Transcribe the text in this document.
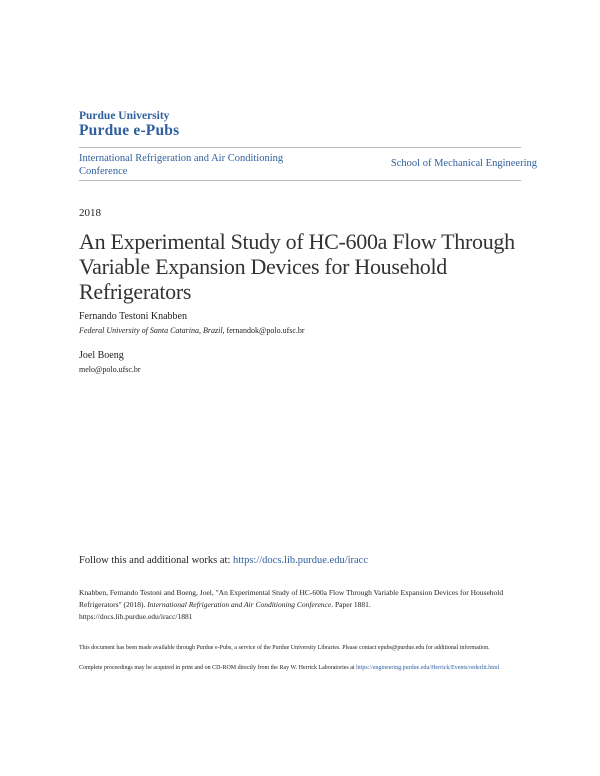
Purdue University
Purdue e-Pubs
International Refrigeration and Air Conditioning Conference
School of Mechanical Engineering
2018
An Experimental Study of HC-600a Flow Through Variable Expansion Devices for Household Refrigerators
Fernando Testoni Knabben
Federal University of Santa Catarina, Brazil, fernandok@polo.ufsc.br
Joel Boeng
melo@polo.ufsc.br
Follow this and additional works at: https://docs.lib.purdue.edu/iracc
Knabben, Fernando Testoni and Boeng, Joel, "An Experimental Study of HC-600a Flow Through Variable Expansion Devices for Household Refrigerators" (2018). International Refrigeration and Air Conditioning Conference. Paper 1881.
https://docs.lib.purdue.edu/iracc/1881
This document has been made available through Purdue e-Pubs, a service of the Purdue University Libraries. Please contact epubs@purdue.edu for additional information.
Complete proceedings may be acquired in print and on CD-ROM directly from the Ray W. Herrick Laboratories at https://engineering.purdue.edu/Herrick/Events/orderlit.html
